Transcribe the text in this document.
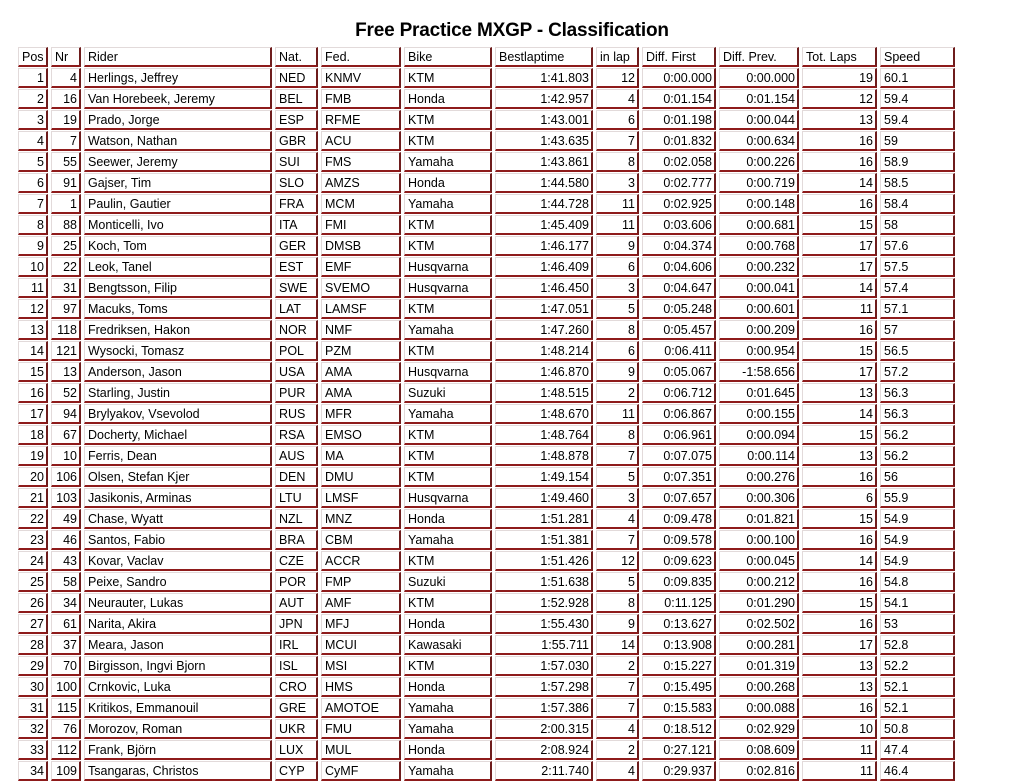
Free Practice MXGP - Classification
Pos	Nr	Rider	Nat.	Fed.	Bike	Bestlaptime	in lap	Diff. First	Diff. Prev.	Tot. Laps	Speed
1	4	Herlings, Jeffrey	NED	KNMV	KTM	1:41.803	12	0:00.000	0:00.000	19	60.1
2	16	Van Horebeek, Jeremy	BEL	FMB	Honda	1:42.957	4	0:01.154	0:01.154	12	59.4
3	19	Prado, Jorge	ESP	RFME	KTM	1:43.001	6	0:01.198	0:00.044	13	59.4
4	7	Watson, Nathan	GBR	ACU	KTM	1:43.635	7	0:01.832	0:00.634	16	59
5	55	Seewer, Jeremy	SUI	FMS	Yamaha	1:43.861	8	0:02.058	0:00.226	16	58.9
6	91	Gajser, Tim	SLO	AMZS	Honda	1:44.580	3	0:02.777	0:00.719	14	58.5
7	1	Paulin, Gautier	FRA	MCM	Yamaha	1:44.728	11	0:02.925	0:00.148	16	58.4
8	88	Monticelli, Ivo	ITA	FMI	KTM	1:45.409	11	0:03.606	0:00.681	15	58
9	25	Koch, Tom	GER	DMSB	KTM	1:46.177	9	0:04.374	0:00.768	17	57.6
10	22	Leok, Tanel	EST	EMF	Husqvarna	1:46.409	6	0:04.606	0:00.232	17	57.5
11	31	Bengtsson, Filip	SWE	SVEMO	Husqvarna	1:46.450	3	0:04.647	0:00.041	14	57.4
12	97	Macuks, Toms	LAT	LAMSF	KTM	1:47.051	5	0:05.248	0:00.601	11	57.1
13	118	Fredriksen, Hakon	NOR	NMF	Yamaha	1:47.260	8	0:05.457	0:00.209	16	57
14	121	Wysocki, Tomasz	POL	PZM	KTM	1:48.214	6	0:06.411	0:00.954	15	56.5
15	13	Anderson, Jason	USA	AMA	Husqvarna	1:46.870	9	0:05.067	-1:58.656	17	57.2
16	52	Starling, Justin	PUR	AMA	Suzuki	1:48.515	2	0:06.712	0:01.645	13	56.3
17	94	Brylyakov, Vsevolod	RUS	MFR	Yamaha	1:48.670	11	0:06.867	0:00.155	14	56.3
18	67	Docherty, Michael	RSA	EMSO	KTM	1:48.764	8	0:06.961	0:00.094	15	56.2
19	10	Ferris, Dean	AUS	MA	KTM	1:48.878	7	0:07.075	0:00.114	13	56.2
20	106	Olsen, Stefan Kjer	DEN	DMU	KTM	1:49.154	5	0:07.351	0:00.276	16	56
21	103	Jasikonis, Arminas	LTU	LMSF	Husqvarna	1:49.460	3	0:07.657	0:00.306	6	55.9
22	49	Chase, Wyatt	NZL	MNZ	Honda	1:51.281	4	0:09.478	0:01.821	15	54.9
23	46	Santos, Fabio	BRA	CBM	Yamaha	1:51.381	7	0:09.578	0:00.100	16	54.9
24	43	Kovar, Vaclav	CZE	ACCR	KTM	1:51.426	12	0:09.623	0:00.045	14	54.9
25	58	Peixe, Sandro	POR	FMP	Suzuki	1:51.638	5	0:09.835	0:00.212	16	54.8
26	34	Neurauter, Lukas	AUT	AMF	KTM	1:52.928	8	0:11.125	0:01.290	15	54.1
27	61	Narita, Akira	JPN	MFJ	Honda	1:55.430	9	0:13.627	0:02.502	16	53
28	37	Meara, Jason	IRL	MCUI	Kawasaki	1:55.711	14	0:13.908	0:00.281	17	52.8
29	70	Birgisson, Ingvi Bjorn	ISL	MSI	KTM	1:57.030	2	0:15.227	0:01.319	13	52.2
30	100	Crnkovic, Luka	CRO	HMS	Honda	1:57.298	7	0:15.495	0:00.268	13	52.1
31	115	Kritikos, Emmanouil	GRE	AMOTOE	Yamaha	1:57.386	7	0:15.583	0:00.088	16	52.1
32	76	Morozov, Roman	UKR	FMU	Yamaha	2:00.315	4	0:18.512	0:02.929	10	50.8
33	112	Frank, Björn	LUX	MUL	Honda	2:08.924	2	0:27.121	0:08.609	11	47.4
34	109	Tsangaras, Christos	CYP	CyMF	Yamaha	2:11.740	4	0:29.937	0:02.816	11	46.4
